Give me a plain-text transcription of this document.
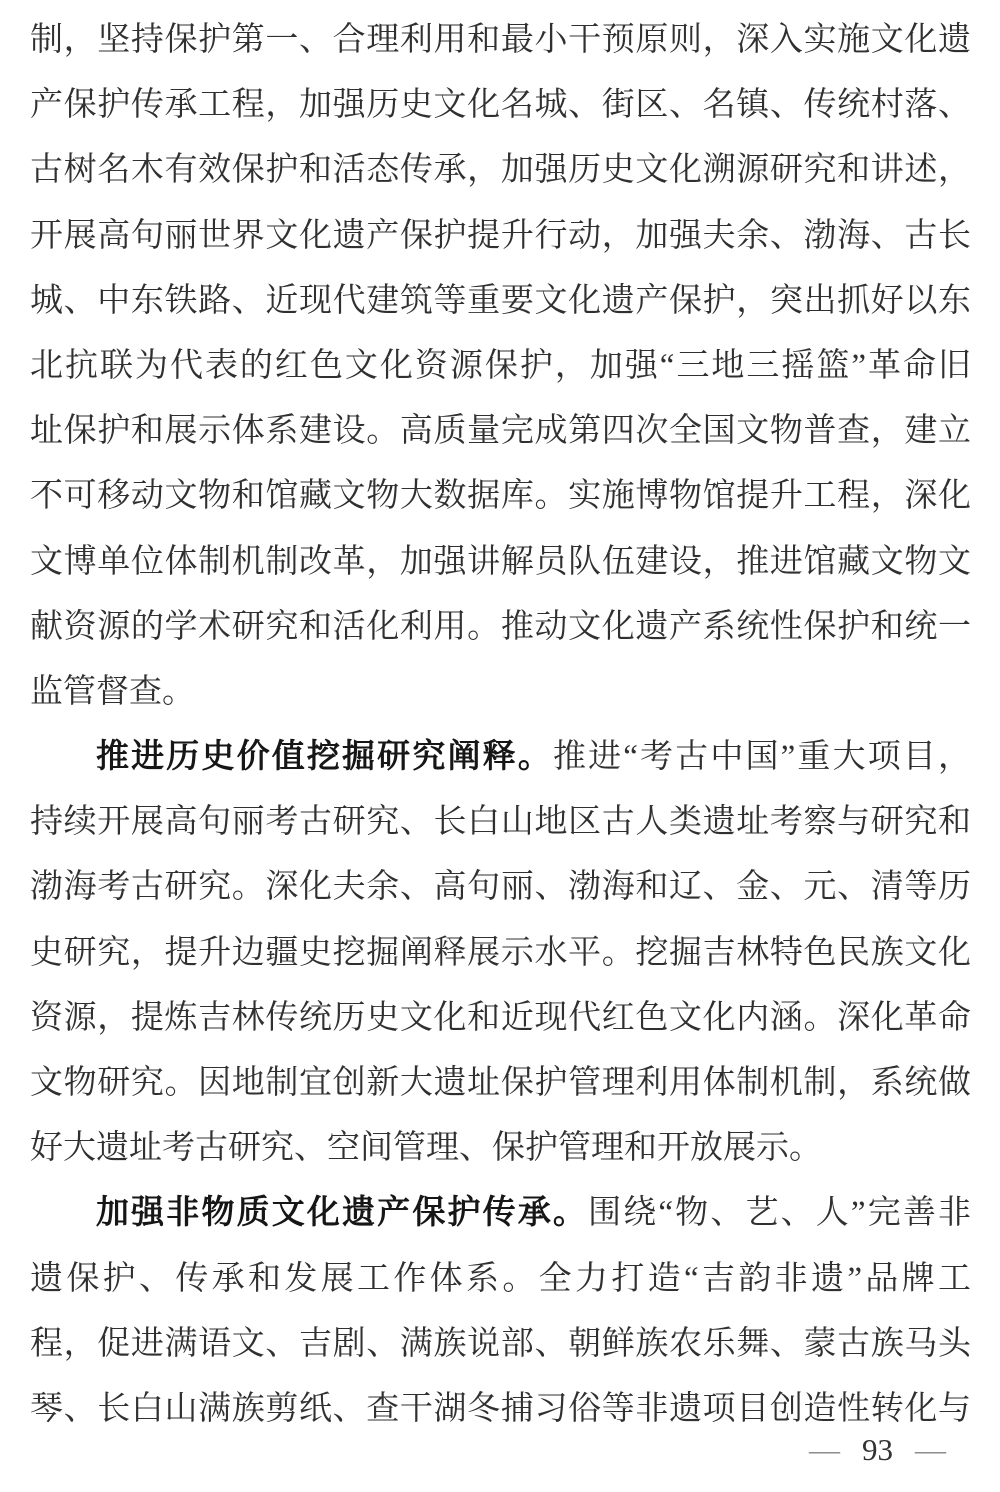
制，坚持保护第一、合理利用和最小干预原则，深入实施文化遗
产保护传承工程，加强历史文化名城、街区、名镇、传统村落、
古树名木有效保护和活态传承，加强历史文化溯源研究和讲述，
开展高句丽世界文化遗产保护提升行动，加强夫余、渤海、古长
城、中东铁路、近现代建筑等重要文化遗产保护，突出抓好以东
北抗联为代表的红色文化资源保护，加强“三地三摇篮”革命旧
址保护和展示体系建设。高质量完成第四次全国文物普查，建立
不可移动文物和馆藏文物大数据库。实施博物馆提升工程，深化
文博单位体制机制改革，加强讲解员队伍建设，推进馆藏文物文
献资源的学术研究和活化利用。推动文化遗产系统性保护和统一
监管督查。
推进历史价值挖掘研究阐释。推进“考古中国”重大项目，
持续开展高句丽考古研究、长白山地区古人类遗址考察与研究和
渤海考古研究。深化夫余、高句丽、渤海和辽、金、元、清等历
史研究，提升边疆史挖掘阐释展示水平。挖掘吉林特色民族文化
资源，提炼吉林传统历史文化和近现代红色文化内涵。深化革命
文物研究。因地制宜创新大遗址保护管理利用体制机制，系统做
好大遗址考古研究、空间管理、保护管理和开放展示。
加强非物质文化遗产保护传承。围绕“物、艺、人”完善非
遗保护、传承和发展工作体系。全力打造“吉韵非遗”品牌工
程，促进满语文、吉剧、满族说部、朝鲜族农乐舞、蒙古族马头
琴、长白山满族剪纸、查干湖冬捕习俗等非遗项目创造性转化与
— 93 —
